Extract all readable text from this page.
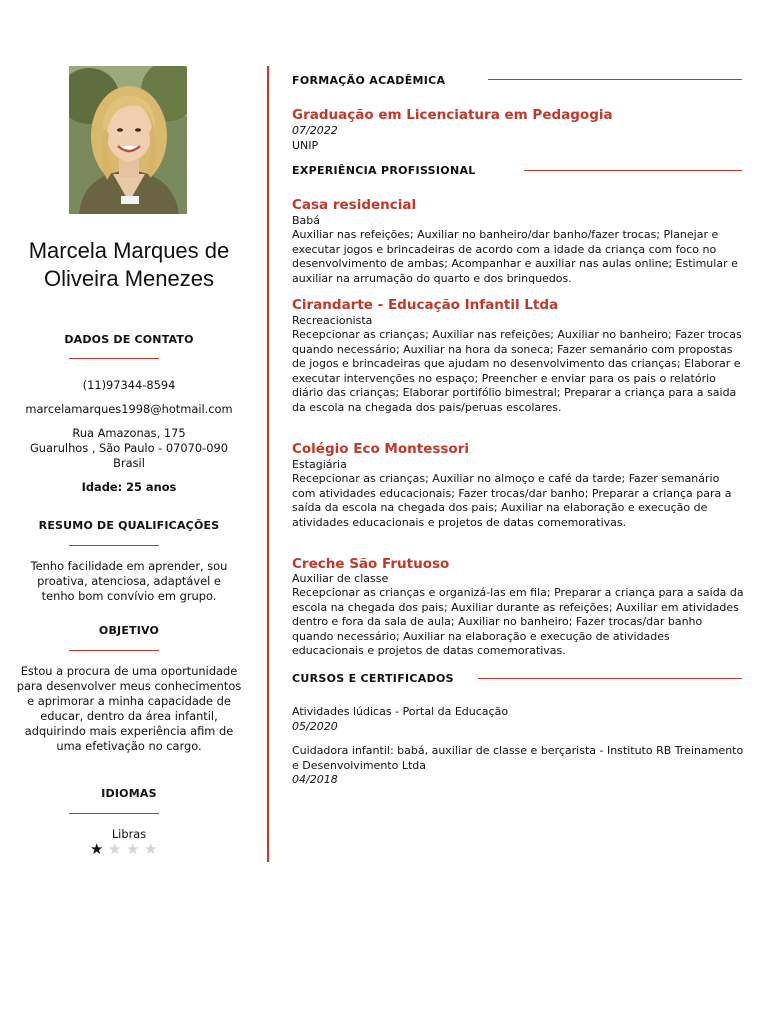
Marcela Marques de Oliveira Menezes
DADOS DE CONTATO
(11)97344-8594
marcelamarques1998@hotmail.com
Rua Amazonas, 175
Guarulhos , São Paulo - 07070-090
Brasil
Idade: 25 anos
RESUMO DE QUALIFICAÇÕES
Tenho facilidade em aprender, sou proativa, atenciosa, adaptável e tenho bom convívio em grupo.
OBJETIVO
Estou a procura de uma oportunidade para desenvolver meus conhecimentos e aprimorar a minha capacidade de educar, dentro da área infantil, adquirindo mais experiência afim de uma efetivação no cargo.
IDIOMAS
Libras
★ ★ ★ ★
FORMAÇÃO ACADÊMICA
Graduação em Licenciatura em Pedagogia
07/2022
UNIP
EXPERIÊNCIA PROFISSIONAL
Casa residencial
Babá
Auxiliar nas refeições; Auxiliar no banheiro/dar banho/fazer trocas; Planejar e executar jogos e brincadeiras de acordo com a idade da criança com foco no desenvolvimento de ambas; Acompanhar e auxiliar nas aulas online; Estimular e auxiliar na arrumação do quarto e dos brinquedos.
Cirandarte - Educação Infantil Ltda
Recreacionista
Recepcionar as crianças; Auxiliar nas refeições; Auxiliar no banheiro; Fazer trocas quando necessário; Auxiliar na hora da soneca; Fazer semanário com propostas de jogos e brincadeiras que ajudam no desenvolvimento das crianças; Elaborar e executar intervenções no espaço; Preencher e enviar para os pais o relatório diário das crianças; Elaborar portifólio bimestral; Preparar a criança para a saida da escola na chegada dos pais/peruas escolares.
Colégio Eco Montessori
Estagiária
Recepcionar as crianças; Auxiliar no almoço e café da tarde; Fazer semanário com atividades educacionais; Fazer trocas/dar banho; Preparar a criança para a saída da escola na chegada dos pais; Auxiliar na elaboração e execução de atividades educacionais e projetos de datas comemorativas.
Creche São Frutuoso
Auxiliar de classe
Recepcionar as crianças e organizá-las em fila; Preparar a criança para a saída da escola na chegada dos pais; Auxiliar durante as refeições; Auxiliar em atividades dentro e fora da sala de aula; Auxiliar no banheiro; Fazer trocas/dar banho quando necessário; Auxiliar na elaboração e execução de atividades educacionais e projetos de datas comemorativas.
CURSOS E CERTIFICADOS
Atividades lúdicas - Portal da Educação
05/2020
Cuidadora infantil: babá, auxiliar de classe e berçarista - Instituto RB Treinamento e Desenvolvimento Ltda
04/2018
